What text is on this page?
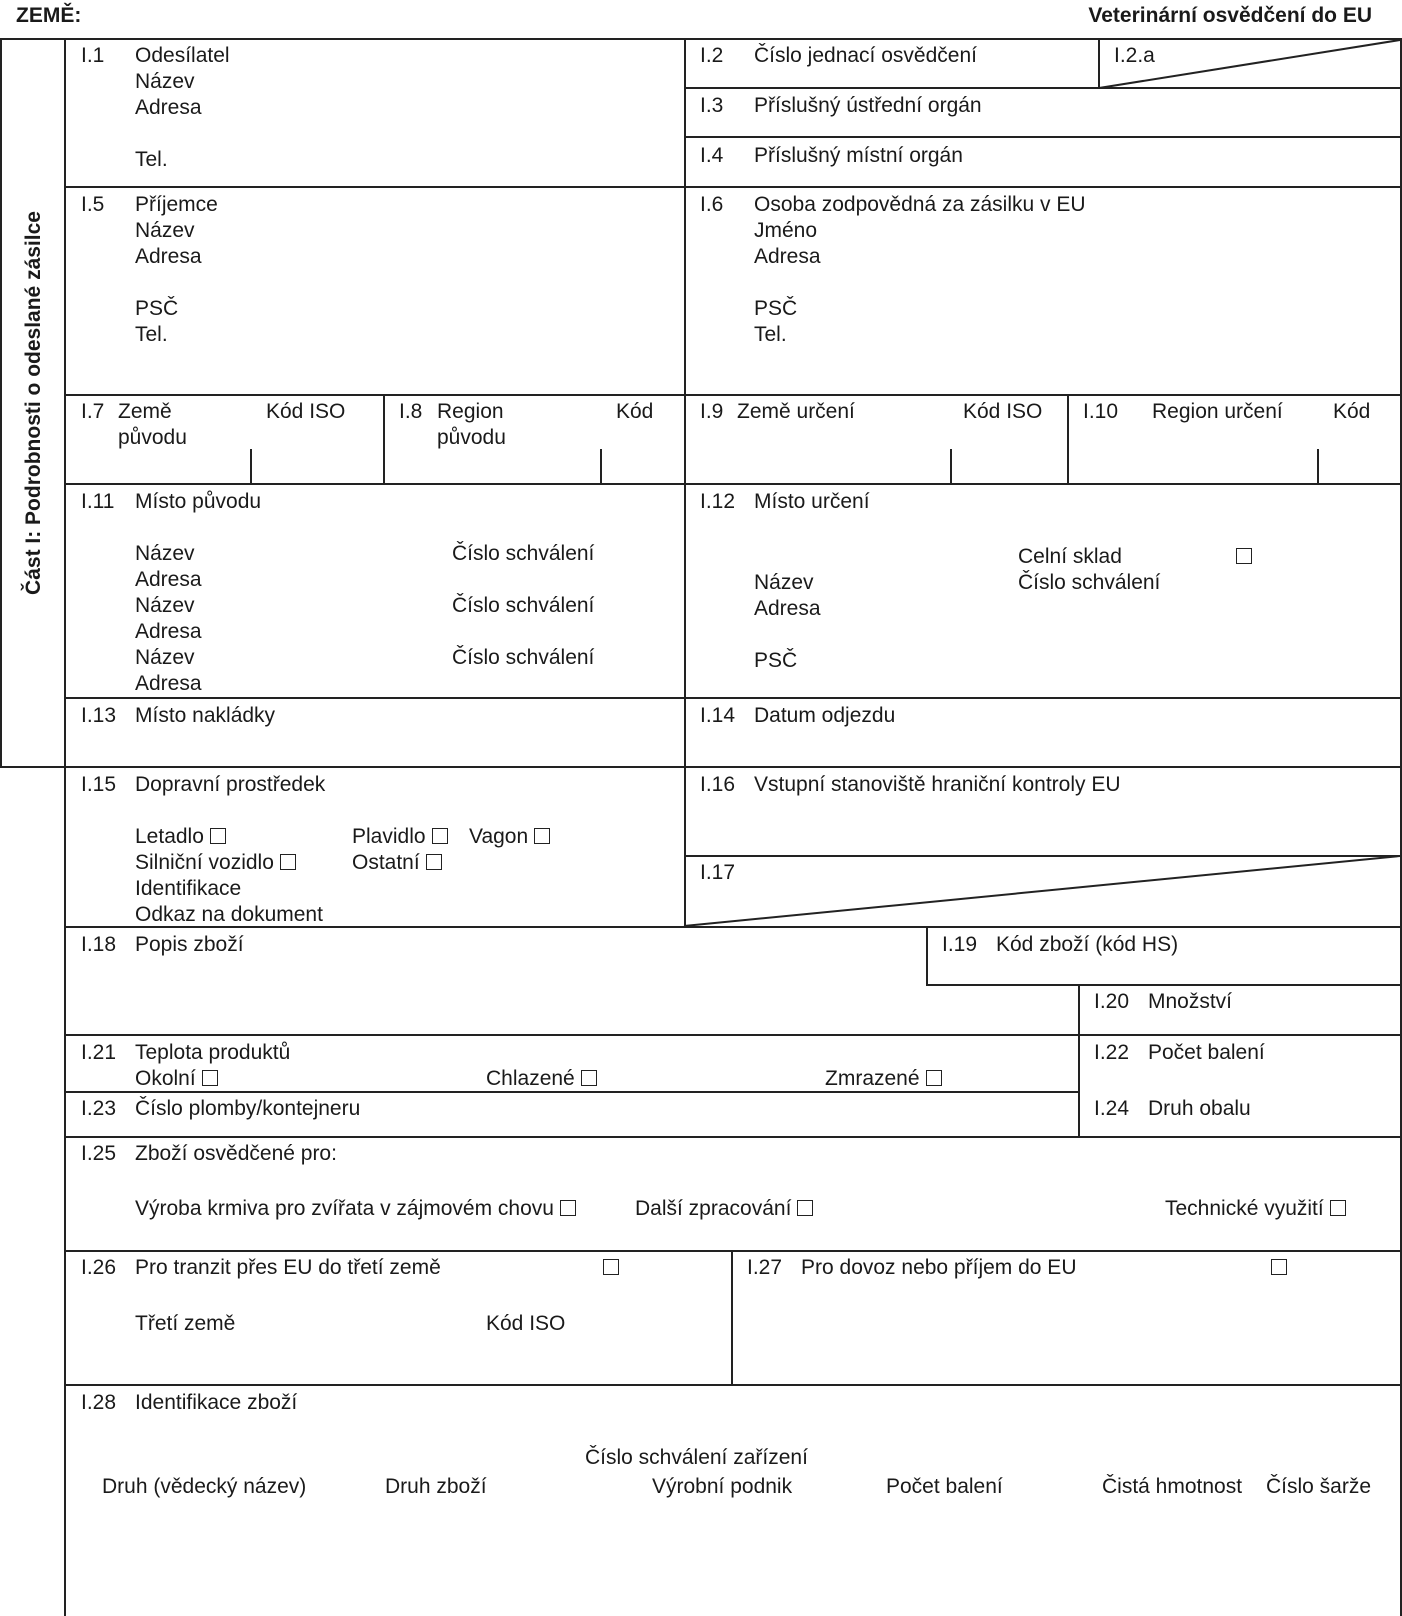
ZEMĚ:	Veterinární osvědčení do EU
Část I: Podrobnosti o odeslané zásilce
I.1 Odesílatel
Název
Adresa
Tel.
I.2 Číslo jednací osvědčení	I.2.a
I.3 Příslušný ústřední orgán
I.4 Příslušný místní orgán
I.5 Příjemce
Název
Adresa
PSČ
Tel.
I.6 Osoba zodpovědná za zásilku v EU
Jméno
Adresa
PSČ
Tel.
I.7 Země
původu
Kód ISO	I.8 Region
původu
Kód I.9 Země určení	Kód ISO I.10 Region určení Kód
I.11 Místo původu
Název	Číslo schválení
Adresa
Název	Číslo schválení
Adresa
Název	Číslo schválení
Adresa
I.12 Místo určení
Celní sklad
Název	Číslo schválení
Adresa
PSČ
I.13 Místo nakládky	I.14 Datum odjezdu
I.15 Dopravní prostředek
Letadlo	Plavidlo	Vagon
Silniční vozidlo	Ostatní
Identifikace
Odkaz na dokument
I.16 Vstupní stanoviště hraniční kontroly EU
I.17
I.18 Popis zboží	I.19 Kód zboží (kód HS)
I.20 Množství
I.21 Teplota produktů
Okolní	Chlazené	Zmrazené
I.22 Počet balení
I.23 Číslo plomby/kontejneru	I.24 Druh obalu
I.25 Zboží osvědčené pro:
Výroba krmiva pro zvířata v zájmovém chovu	Další zpracování	Technické využití
I.26 Pro tranzit přes EU do třetí země
Třetí země	Kód ISO
I.27 Pro dovoz nebo příjem do EU
I.28 Identifikace zboží
Číslo schválení zařízení
Druh (vědecký název)	Druh zboží	Výrobní podnik	Počet balení	Čistá hmotnost Číslo šarže
